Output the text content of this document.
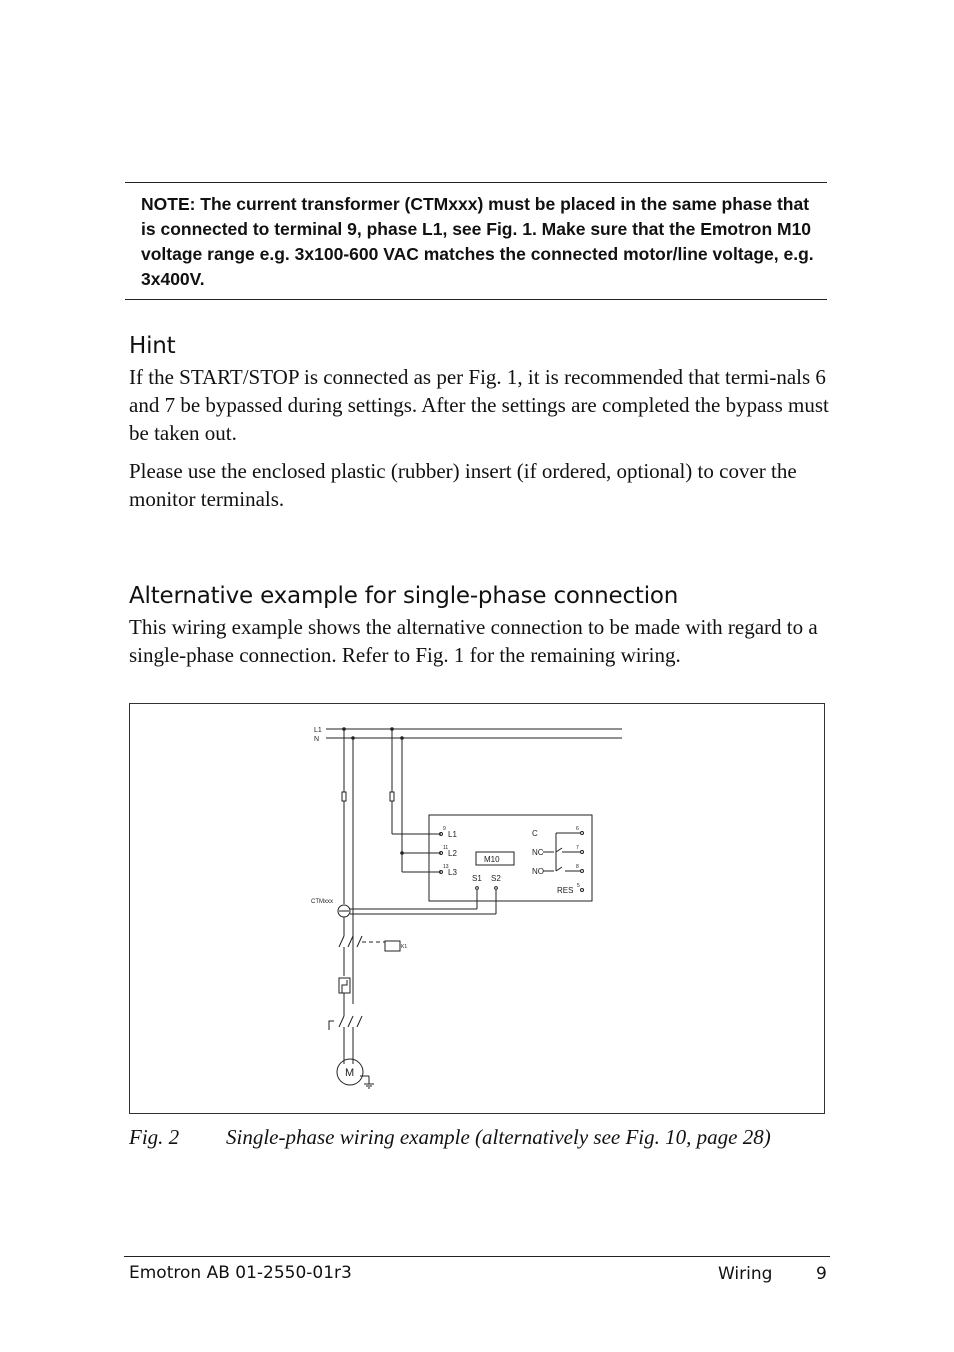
NOTE: The current transformer (CTMxxx) must be placed in the same phase that is connected to terminal 9, phase L1, see Fig. 1. Make sure that the Emotron M10 voltage range e.g. 3x100-600 VAC matches the connected motor/line voltage, e.g. 3x400V.

Hint

If the START/STOP is connected as per Fig. 1, it is recommended that termi-nals 6 and 7 be bypassed during settings. After the settings are completed the bypass must be taken out.

Please use the enclosed plastic (rubber) insert (if ordered, optional) to cover the monitor terminals.

Alternative example for single-phase connection

This wiring example shows the alternative connection to be made with regard to a single-phase connection. Refer to Fig. 1 for the remaining wiring.

L1
N
9
11
13
L1
L2
L3
M10
S1 S2
C
NC
NO
RES
6
7
8
5
CTMxxx
K1
M
Fig. 2 Single-phase wiring example (alternatively see Fig. 10, page 28)

Emotron AB 01-2550-01r3	Wiring	9
